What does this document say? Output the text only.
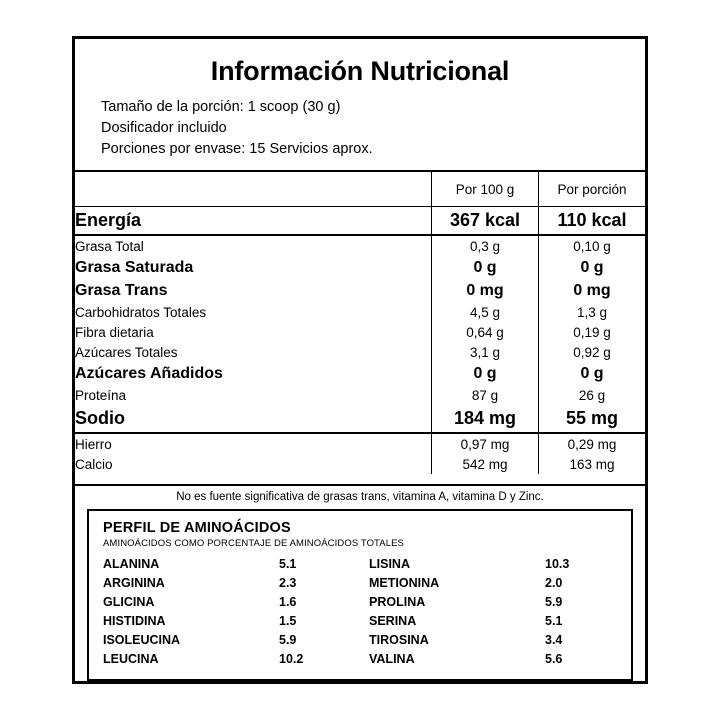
Información Nutricional
Tamaño de la porción: 1 scoop (30 g)
Dosificador incluido
Porciones por envase: 15 Servicios aprox.
	Por 100 g	Por porción
Energía	367 kcal	110 kcal
Grasa Total	0,3 g	0,10 g
Grasa Saturada	0 g	0 g
Grasa Trans	0 mg	0 mg
Carbohidratos Totales	4,5 g	1,3 g
Fibra dietaria	0,64 g	0,19 g
Azúcares Totales	3,1 g	0,92 g
Azúcares Añadidos	0 g	0 g
Proteína	87 g	26 g
Sodio	184 mg	55 mg
Hierro	0,97 mg	0,29 mg
Calcio	542 mg	163 mg
No es fuente significativa de grasas trans, vitamina A, vitamina D y Zinc.
PERFIL DE AMINOÁCIDOS
AMINOÁCIDOS COMO PORCENTAJE DE AMINOÁCIDOS TOTALES
ALANINA	5.1		LISINA	10.3
ARGININA	2.3		METIONINA	2.0
GLICINA	1.6		PROLINA	5.9
HISTIDINA	1.5		SERINA	5.1
ISOLEUCINA	5.9		TIROSINA	3.4
LEUCINA	10.2		VALINA	5.6
